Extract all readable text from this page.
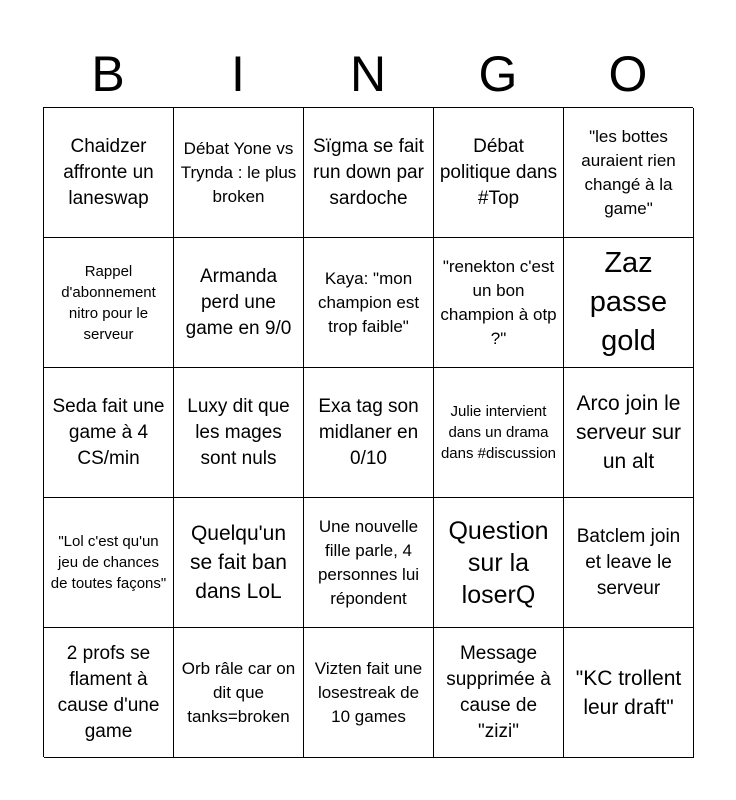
B	I	N	G	O
Chaidzer affronte un laneswap
Débat Yone vs Trynda : le plus broken
Sïgma se fait run down par sardoche
Débat politique dans #Top
"les bottes auraient rien changé à la game"
Rappel d'abonnement nitro pour le serveur
Armanda perd une game en 9/0
Kaya: "mon champion est trop faible"
"renekton c'est un bon champion à otp ?"
Zaz passe gold
Seda fait une game à 4 CS/min
Luxy dit que les mages sont nuls
Exa tag son midlaner en 0/10
Julie intervient dans un drama dans #discussion
Arco join le serveur sur un alt
"Lol c'est qu'un jeu de chances de toutes façons"
Quelqu'un se fait ban dans LoL
Une nouvelle fille parle, 4 personnes lui répondent
Question sur la loserQ
Batclem join et leave le serveur
2 profs se flament à cause d'une game
Orb râle car on dit que tanks=broken
Vizten fait une losestreak de 10 games
Message supprimée à cause de "zizi"
"KC trollent leur draft"
